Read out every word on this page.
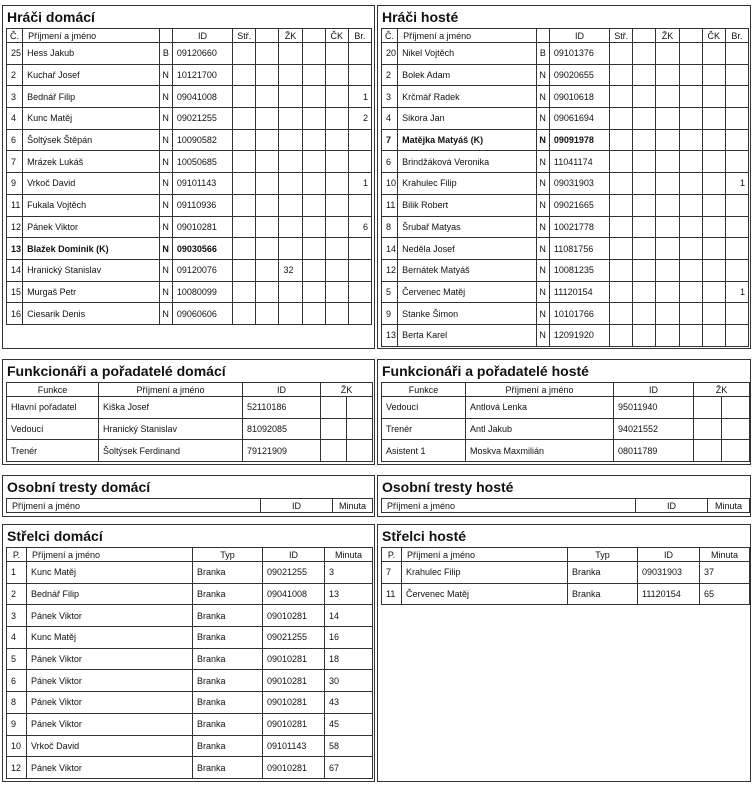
Hráči domácí
Č.	Příjmení a jméno		ID	Stř.		ŽK		ČK	Br.
25	Hess Jakub	B	09120660						
2	Kuchař Josef	N	10121700						
3	Bednář Filip	N	09041008						1
4	Kunc Matěj	N	09021255						2
6	Šoltýsek Štěpán	N	10090582						
7	Mrázek Lukáš	N	10050685						
9	Vrkoč David	N	09101143						1
11	Fukala Vojtěch	N	09110936						
12	Pánek Viktor	N	09010281						6
13	Blažek Dominik (K)	N	09030566						
14	Hranický Stanislav	N	09120076			32			
15	Murgaš Petr	N	10080099						
16	Ciesarik Denis	N	09060606						
Hráči hosté
Č.	Příjmení a jméno		ID	Stř.		ŽK		ČK	Br.
20	Nikel Vojtěch	B	09101376						
2	Bolek Adam	N	09020655						
3	Krčmář Radek	N	09010618						
4	Sikora Jan	N	09061694						
7	Matějka Matyáš (K)	N	09091978						
6	Brindžáková Veronika	N	11041174						
10	Krahulec Filip	N	09031903						1
11	Bilik Robert	N	09021665						
8	Šrubař Matyas	N	10021778						
14	Neděla Josef	N	11081756						
12	Bernátek Matyáš	N	10081235						
5	Červenec Matěj	N	11120154						1
9	Stanke Šimon	N	10101766						
13	Berta Karel	N	12091920						
Funkcionáři a pořadatelé domácí
Funkce	Příjmení a jméno	ID	ŽK	
Hlavní pořadatel	Kiška Josef	52110186		
Vedoucí	Hranický Stanislav	81092085		
Trenér	Šoltýsek Ferdinand	79121909		
Funkcionáři a pořadatelé hosté
Funkce	Příjmení a jméno	ID	ŽK	
Vedoucí	Antlová Lenka	95011940		
Trenér	Antl Jakub	94021552		
Asistent 1	Moskva Maxmilián	08011789		
Osobní tresty domácí
Příjmení a jméno	ID	Minuta
Osobní tresty hosté
Příjmení a jméno	ID	Minuta
Střelci domácí
P.	Příjmení a jméno	Typ	ID	Minuta
1	Kunc Matěj	Branka	09021255	3
2	Bednář Filip	Branka	09041008	13
3	Pánek Viktor	Branka	09010281	14
4	Kunc Matěj	Branka	09021255	16
5	Pánek Viktor	Branka	09010281	18
6	Pánek Viktor	Branka	09010281	30
8	Pánek Viktor	Branka	09010281	43
9	Pánek Viktor	Branka	09010281	45
10	Vrkoč David	Branka	09101143	58
12	Pánek Viktor	Branka	09010281	67
Střelci hosté
P.	Příjmení a jméno	Typ	ID	Minuta
7	Krahulec Filip	Branka	09031903	37
11	Červenec Matěj	Branka	11120154	65
